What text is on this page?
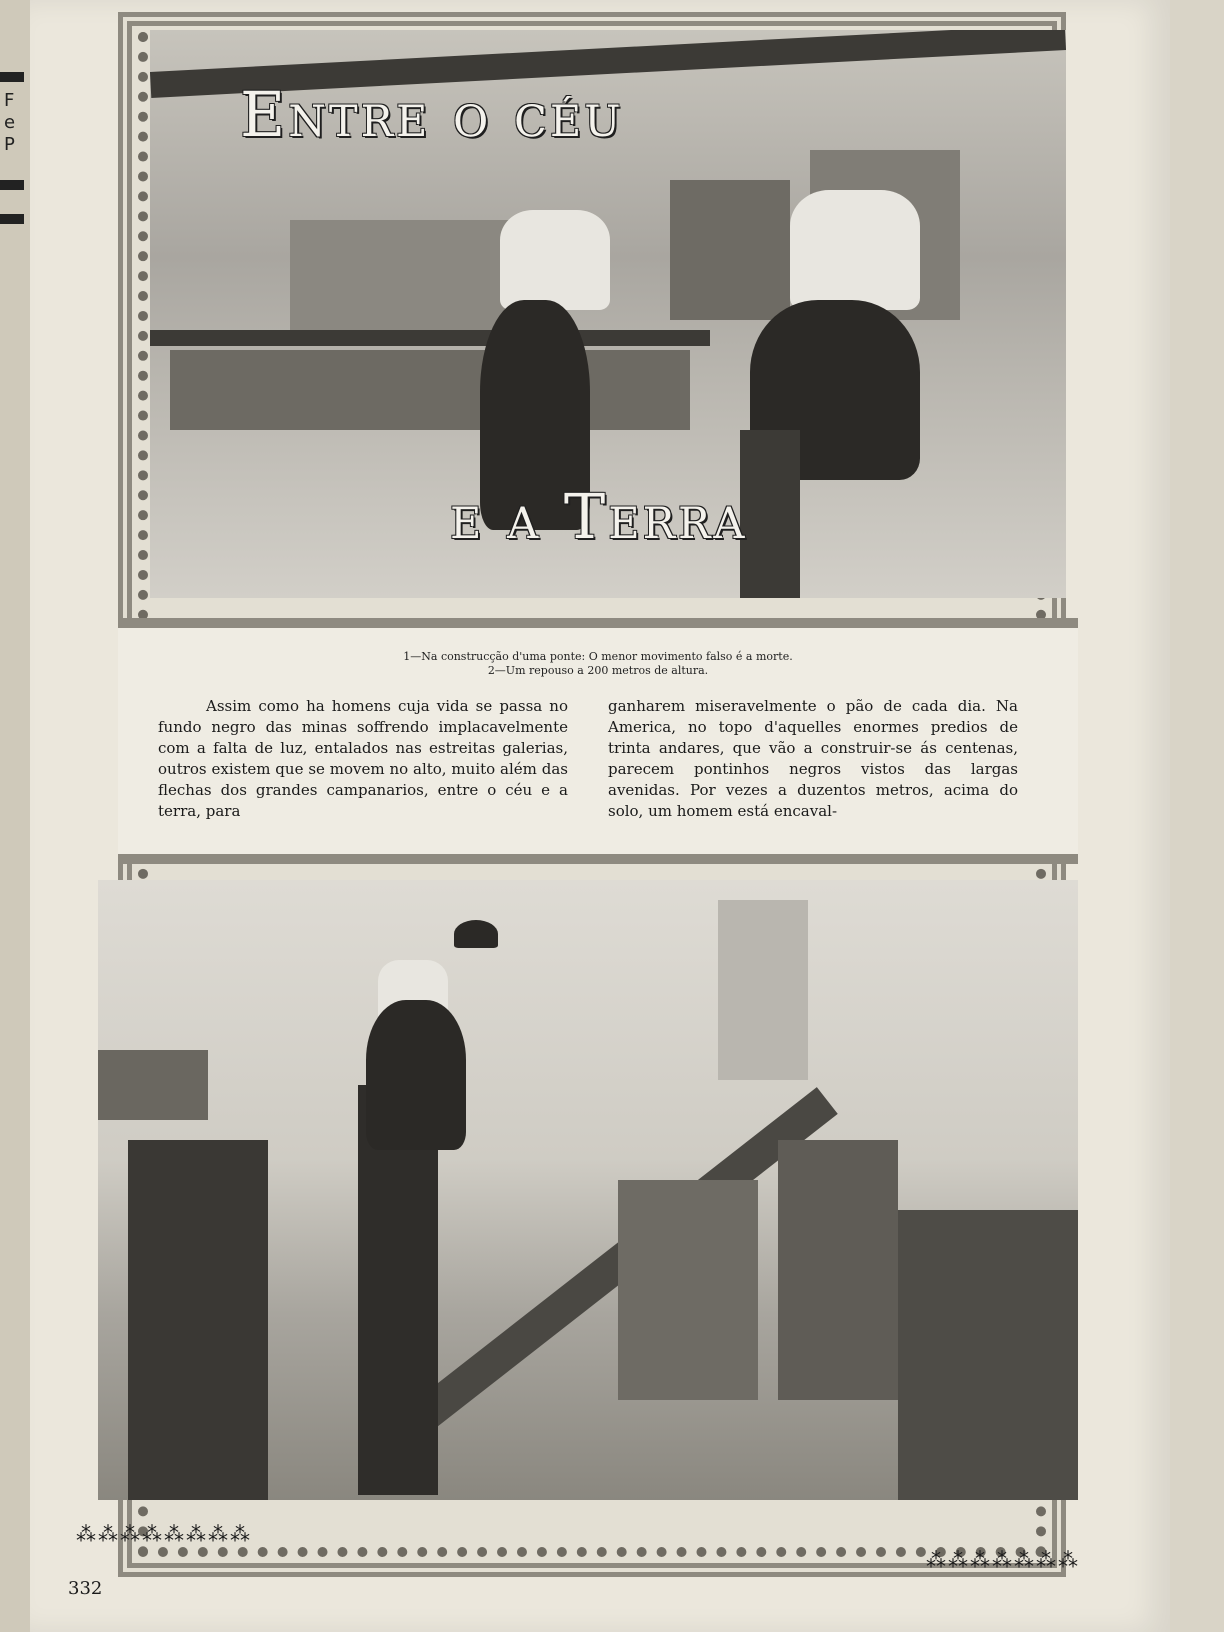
F
e
P	Entre o céu
e a Terra
1—Na construcção d'uma ponte: O menor movimento falso é a morte.
2—Um repouso a 200 metros de altura.
Assim como ha homens cuja vida se passa no fundo negro das minas soffrendo implacavelmente com a falta de luz, entalados nas estreitas galerias, outros existem que se movem no alto, muito além das flechas dos grandes campanarios, entre o céu e a terra, para
ganharem miseravelmente o pão de cada dia. Na America, no topo d'aquelles enormes predios de trinta andares, que vão a construir-se ás centenas, parecem pontinhos negros vistos das largas avenidas. Por vezes a duzentos metros, acima do solo, um homem está encaval-
⁂⁂⁂⁂⁂⁂⁂⁂
⁂⁂⁂⁂⁂⁂⁂
332
